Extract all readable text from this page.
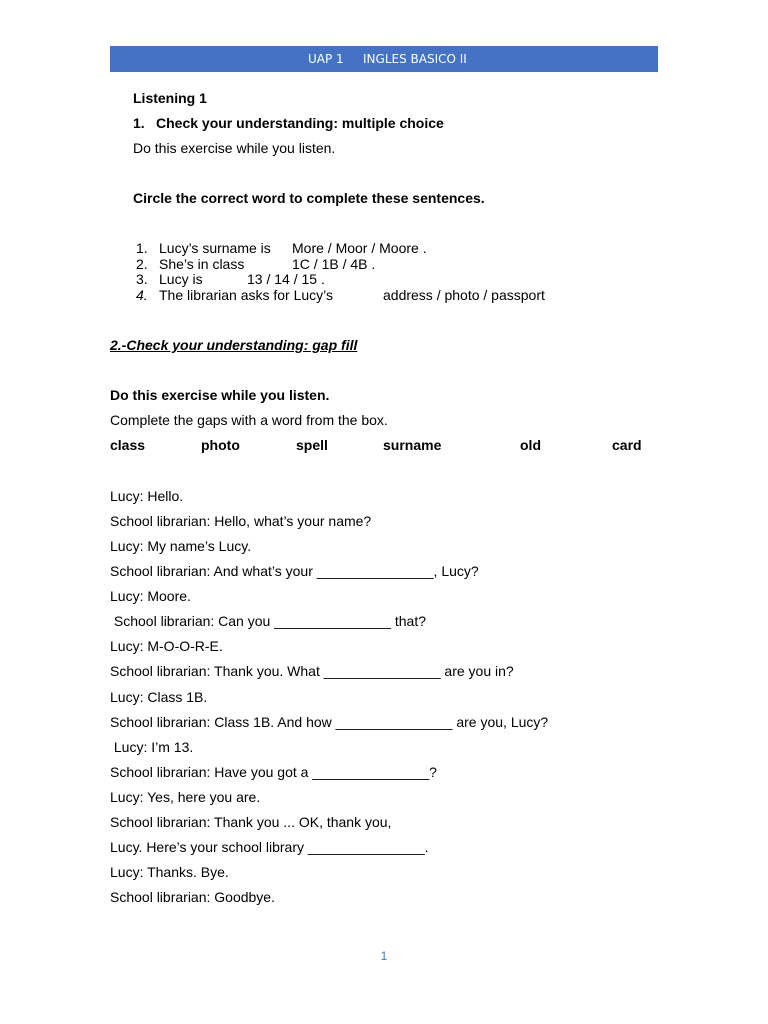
UAP 1 INGLES BASICO II
Listening 1
1. Check your understanding: multiple choice
Do this exercise while you listen.
Circle the correct word to complete these sentences.
1. Lucy’s surname is More / Moor / Moore .
2. She’s in class	1C / 1B / 4B .
3. Lucy is	13 / 14 / 15 .
4. The librarian asks for Lucy’s	address / photo / passport
2.-Check your understanding: gap fill
Do this exercise while you listen.
Complete the gaps with a word from the box.
class	photo	spell	surname	old	card
Lucy: Hello.
School librarian: Hello, what’s your name?
Lucy: My name’s Lucy.
School librarian: And what’s your _______________, Lucy?
Lucy: Moore.
School librarian: Can you _______________ that?
Lucy: M-O-O-R-E.
School librarian: Thank you. What _______________ are you in?
Lucy: Class 1B.
School librarian: Class 1B. And how _______________ are you, Lucy?
Lucy: I’m 13.
School librarian: Have you got a _______________?
Lucy: Yes, here you are.
School librarian: Thank you ... OK, thank you,
Lucy. Here’s your school library _______________.
Lucy: Thanks. Bye.
School librarian: Goodbye.
1
